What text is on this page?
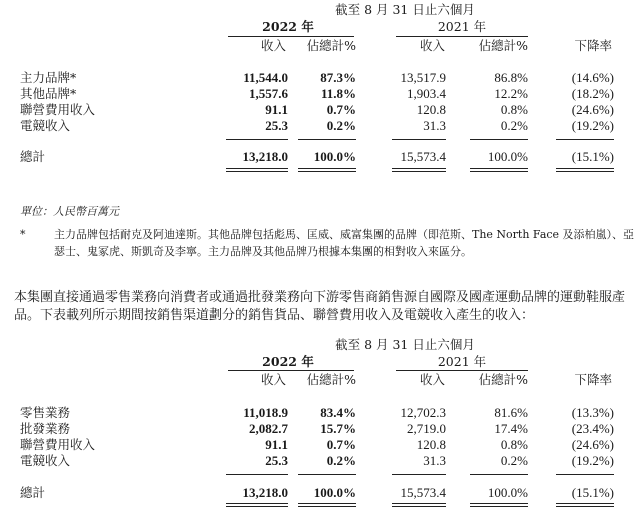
截至 8 月 31 日止六個月
2022 年	2021 年
收入	佔總計%	收入	佔總計%	下降率
主力品牌*	11,544.0	87.3%	13,517.9	86.8%	(14.6%)
其他品牌*	1,557.6	11.8%	1,903.4	12.2%	(18.2%)
聯營費用收入	91.1	0.7%	120.8	0.8%	(24.6%)
電競收入	25.3	0.2%	31.3	0.2%	(19.2%)
總計	13,218.0	100.0%	15,573.4	100.0%	(15.1%)
單位：人民幣百萬元
*	主力品牌包括耐克及阿迪達斯。其他品牌包括彪馬、匡威、威富集團的品牌（即范斯、The North Face 及添柏嵐）、亞
瑟士、鬼冢虎、斯凱奇及李寧。主力品牌及其他品牌乃根據本集團的相對收入來區分。
本集團直接通過零售業務向消費者或通過批發業務向下游零售商銷售源自國際及國產運動品牌的運動鞋服產
品。下表載列所示期間按銷售渠道劃分的銷售貨品、聯營費用收入及電競收入產生的收入：
截至 8 月 31 日止六個月
2022 年	2021 年
收入	佔總計%	收入	佔總計%	下降率
零售業務	11,018.9	83.4%	12,702.3	81.6%	(13.3%)
批發業務	2,082.7	15.7%	2,719.0	17.4%	(23.4%)
聯營費用收入	91.1	0.7%	120.8	0.8%	(24.6%)
電競收入	25.3	0.2%	31.3	0.2%	(19.2%)
總計	13,218.0	100.0%	15,573.4	100.0%	(15.1%)
